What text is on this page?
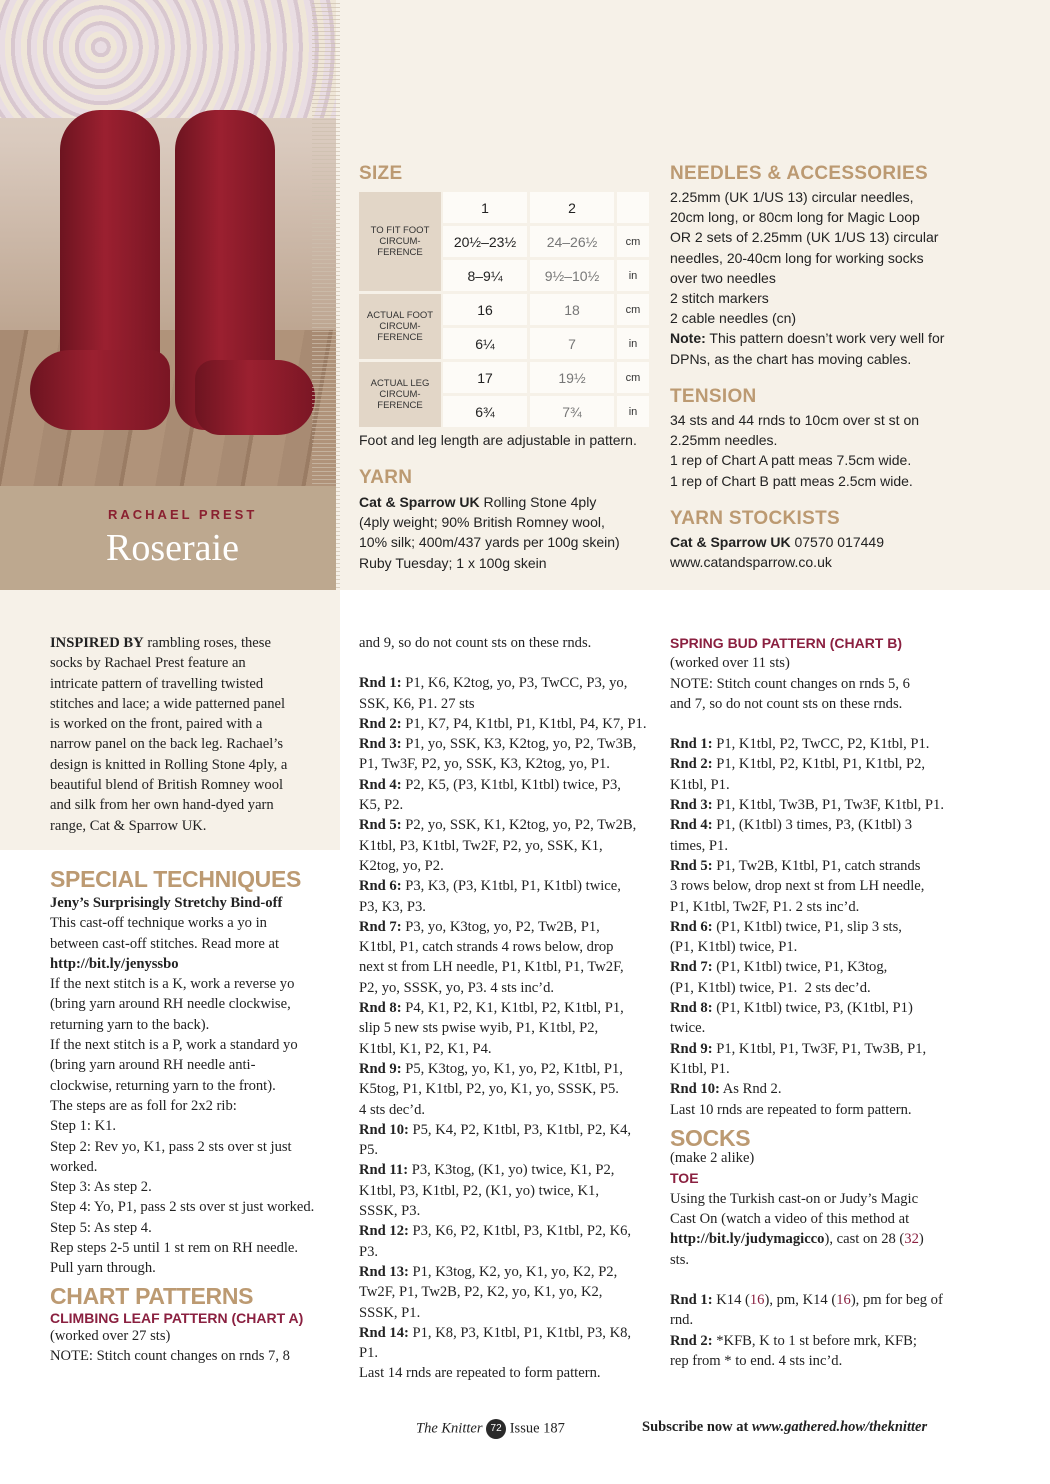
RACHAEL PREST
Roseraie
SIZE
1	2
TO FIT FOOT CIRCUM-FERENCE
20½–23½	24–26½	cm
8–9¼	9½–10½	in
ACTUAL FOOT CIRCUM-FERENCE
16	18	cm
6¼	7	in
ACTUAL LEG CIRCUM-FERENCE
17	19½	cm
6¾	7¾	in
Foot and leg length are adjustable in pattern.
YARN
Cat & Sparrow UK Rolling Stone 4ply
(4ply weight; 90% British Romney wool,
10% silk; 400m/437 yards per 100g skein)
Ruby Tuesday; 1 x 100g skein
NEEDLES & ACCESSORIES
2.25mm (UK 1/US 13) circular needles,
20cm long, or 80cm long for Magic Loop
OR 2 sets of 2.25mm (UK 1/US 13) circular
needles, 20-40cm long for working socks
over two needles
2 stitch markers
2 cable needles (cn)
Note: This pattern doesn’t work very well for
DPNs, as the chart has moving cables.
TENSION
34 sts and 44 rnds to 10cm over st st on
2.25mm needles.
1 rep of Chart A patt meas 7.5cm wide.
1 rep of Chart B patt meas 2.5cm wide.
YARN STOCKISTS
Cat & Sparrow UK 07570 017449
www.catandsparrow.co.uk

INSPIRED BY rambling roses, these
socks by Rachael Prest feature an
intricate pattern of travelling twisted
stitches and lace; a wide patterned panel
is worked on the front, paired with a
narrow panel on the back leg. Rachael’s
design is knitted in Rolling Stone 4ply, a
beautiful blend of British Romney wool
and silk from her own hand-dyed yarn
range, Cat & Sparrow UK.

SPECIAL TECHNIQUES
Jeny’s Surprisingly Stretchy Bind-off

This cast-off technique works a yo in
between cast-off stitches. Read more at

http://bit.ly/jenyssbo

If the next stitch is a K, work a reverse yo
(bring yarn around RH needle clockwise,
returning yarn to the back).
If the next stitch is a P, work a standard yo
(bring yarn around RH needle anti-
clockwise, returning yarn to the front).
The steps are as foll for 2x2 rib:
Step 1: K1.
Step 2: Rev yo, K1, pass 2 sts over st just
worked.
Step 3: As step 2.
Step 4: Yo, P1, pass 2 sts over st just worked.
Step 5: As step 4.
Rep steps 2-5 until 1 st rem on RH needle.
Pull yarn through.

CHART PATTERNS
CLIMBING LEAF PATTERN (CHART A)

(worked over 27 sts)
NOTE: Stitch count changes on rnds 7, 8

and 9, so do not count sts on these rnds.

Rnd 1: P1, K6, K2tog, yo, P3, TwCC, P3, yo,
SSK, K6, P1. 27 sts

Rnd 2: P1, K7, P4, K1tbl, P1, K1tbl, P4, K7, P1.

Rnd 3: P1, yo, SSK, K3, K2tog, yo, P2, Tw3B,
P1, Tw3F, P2, yo, SSK, K3, K2tog, yo, P1.

Rnd 4: P2, K5, (P3, K1tbl, K1tbl) twice, P3,
K5, P2.

Rnd 5: P2, yo, SSK, K1, K2tog, yo, P2, Tw2B,
K1tbl, P3, K1tbl, Tw2F, P2, yo, SSK, K1,
K2tog, yo, P2.

Rnd 6: P3, K3, (P3, K1tbl, P1, K1tbl) twice,
P3, K3, P3.

Rnd 7: P3, yo, K3tog, yo, P2, Tw2B, P1,
K1tbl, P1, catch strands 4 rows below, drop
next st from LH needle, P1, K1tbl, P1, Tw2F,
P2, yo, SSSK, yo, P3. 4 sts inc’d.

Rnd 8: P4, K1, P2, K1, K1tbl, P2, K1tbl, P1,
slip 5 new sts pwise wyib, P1, K1tbl, P2,
K1tbl, K1, P2, K1, P4.

Rnd 9: P5, K3tog, yo, K1, yo, P2, K1tbl, P1,
K5tog, P1, K1tbl, P2, yo, K1, yo, SSSK, P5.
4 sts dec’d.

Rnd 10: P5, K4, P2, K1tbl, P3, K1tbl, P2, K4,
P5.

Rnd 11: P3, K3tog, (K1, yo) twice, K1, P2,
K1tbl, P3, K1tbl, P2, (K1, yo) twice, K1,
SSSK, P3.

Rnd 12: P3, K6, P2, K1tbl, P3, K1tbl, P2, K6,
P3.

Rnd 13: P1, K3tog, K2, yo, K1, yo, K2, P2,
Tw2F, P1, Tw2B, P2, K2, yo, K1, yo, K2,
SSSK, P1.

Rnd 14: P1, K8, P3, K1tbl, P1, K1tbl, P3, K8,
P1.

Last 14 rnds are repeated to form pattern.

SPRING BUD PATTERN (CHART B)

(worked over 11 sts)
NOTE: Stitch count changes on rnds 5, 6
and 7, so do not count sts on these rnds.

Rnd 1: P1, K1tbl, P2, TwCC, P2, K1tbl, P1.

Rnd 2: P1, K1tbl, P2, K1tbl, P1, K1tbl, P2,
K1tbl, P1.

Rnd 3: P1, K1tbl, Tw3B, P1, Tw3F, K1tbl, P1.

Rnd 4: P1, (K1tbl) 3 times, P3, (K1tbl) 3
times, P1.

Rnd 5: P1, Tw2B, K1tbl, P1, catch strands
3 rows below, drop next st from LH needle,
P1, K1tbl, Tw2F, P1. 2 sts inc’d.

Rnd 6: (P1, K1tbl) twice, P1, slip 3 sts,
(P1, K1tbl) twice, P1.

Rnd 7: (P1, K1tbl) twice, P1, K3tog,
(P1, K1tbl) twice, P1.  2 sts dec’d.

Rnd 8: (P1, K1tbl) twice, P3, (K1tbl, P1)
twice.

Rnd 9: P1, K1tbl, P1, Tw3F, P1, Tw3B, P1,
K1tbl, P1.

Rnd 10: As Rnd 2.

Last 10 rnds are repeated to form pattern.

SOCKS

(make 2 alike)

TOE

Using the Turkish cast-on or Judy’s Magic
Cast On (watch a video of this method at
http://bit.ly/judymagicco), cast on 28 (32)
sts.

Rnd 1: K14 (16), pm, K14 (16), pm for beg of
rnd.

Rnd 2: *KFB, K to 1 st before mrk, KFB;
rep from * to end. 4 sts inc’d.

The Knitter 72 Issue 187	Subscribe now at www.gathered.how/theknitter
